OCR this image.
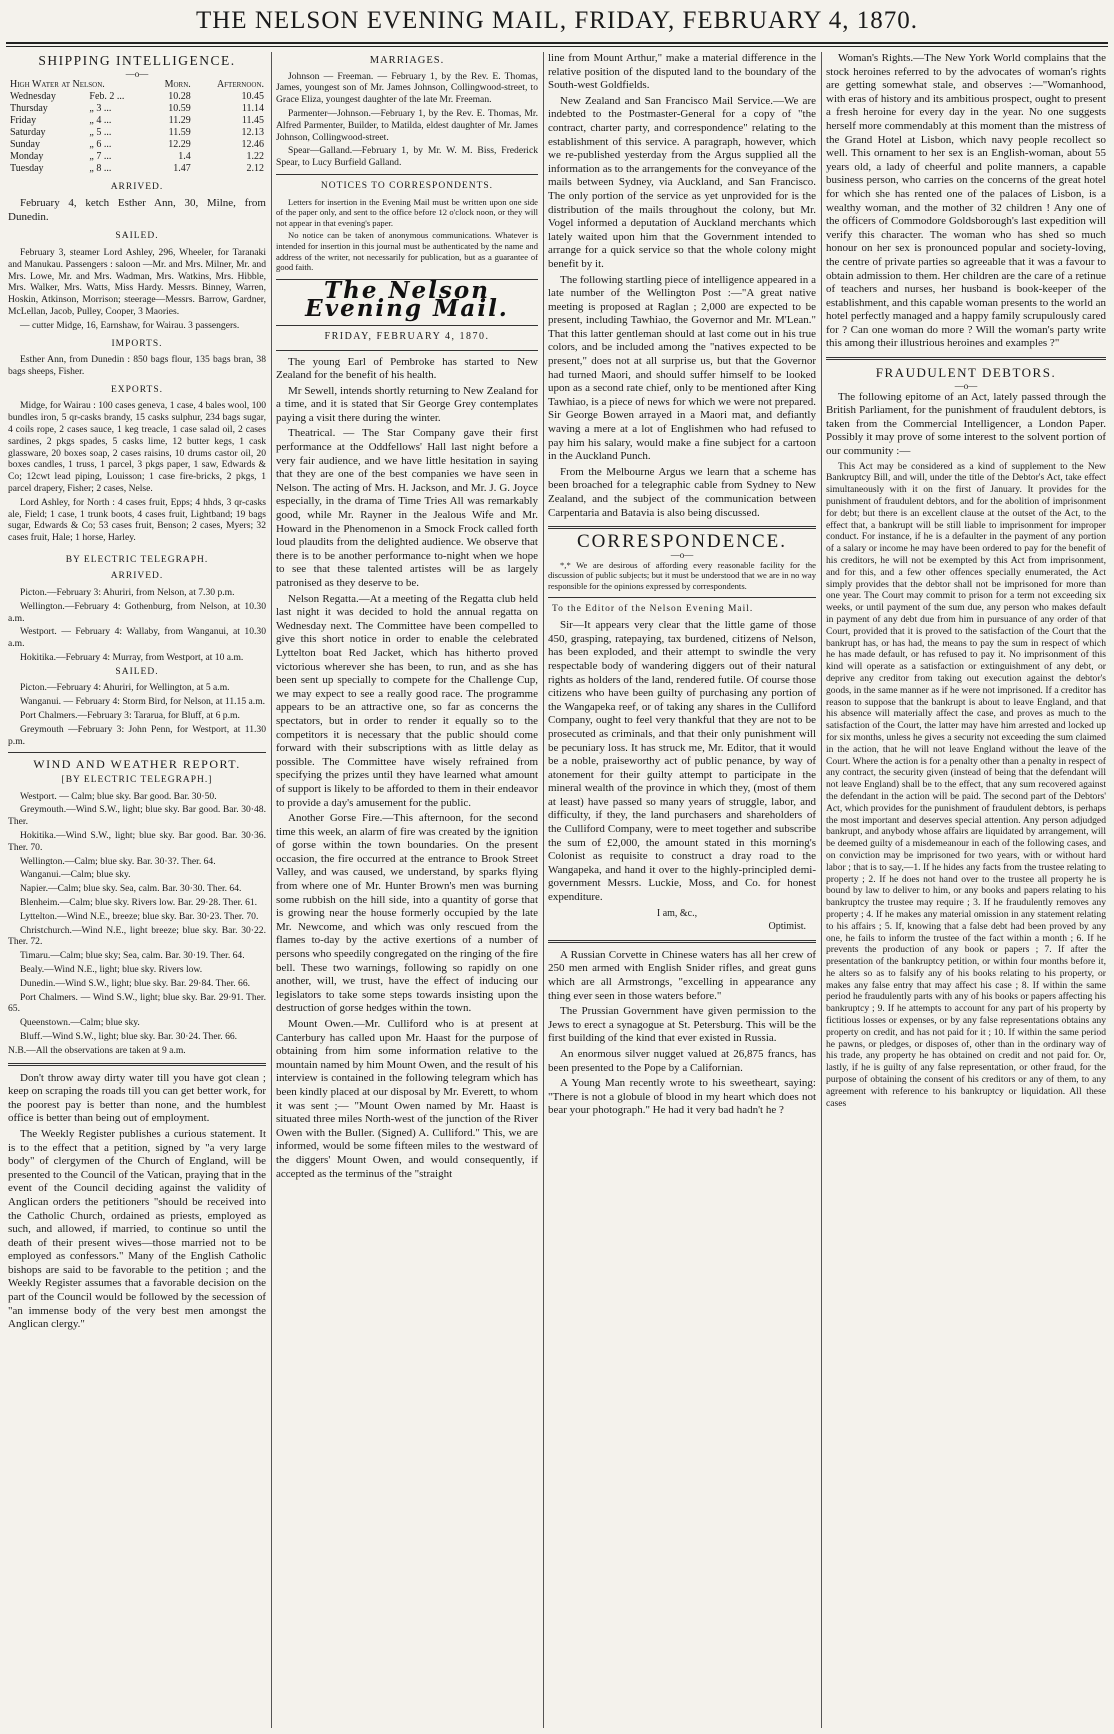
THE NELSON EVENING MAIL, FRIDAY, FEBRUARY 4, 1870.
SHIPPING INTELLIGENCE.
—o—
High Water at Nelson.		Morn.	Afternoon.
Wednesday	Feb. 2 ...	10.28	10.45
Thursday	„ 3 ...	10.59	11.14
Friday	„ 4 ...	11.29	11.45
Saturday	„ 5 ...	11.59	12.13
Sunday	„ 6 ...	12.29	12.46
Monday	„ 7 ...	1.4	1.22
Tuesday	„ 8 ...	1.47	2.12
ARRIVED.

February 4, ketch Esther Ann, 30, Milne, from Dunedin.

SAILED.

February 3, steamer Lord Ashley, 296, Wheeler, for Taranaki and Manukau. Passengers : saloon —Mr. and Mrs. Milner, Mr. and Mrs. Lowe, Mr. and Mrs. Wadman, Mrs. Watkins, Mrs. Hibble, Mrs. Walker, Mrs. Watts, Miss Hardy. Messrs. Binney, Warren, Hoskin, Atkinson, Morrison; steerage—Messrs. Barrow, Gardner, McLellan, Jacob, Pulley, Cooper, 3 Maories.

— cutter Midge, 16, Earnshaw, for Wairau. 3 passengers.

IMPORTS.

Esther Ann, from Dunedin : 850 bags flour, 135 bags bran, 38 bags sheeps, Fisher.

EXPORTS.

Midge, for Wairau : 100 cases geneva, 1 case, 4 bales wool, 100 bundles iron, 5 qr-casks brandy, 15 casks sulphur, 234 bags sugar, 4 coils rope, 2 cases sauce, 1 keg treacle, 1 case salad oil, 2 cases sardines, 2 pkgs spades, 5 casks lime, 12 butter kegs, 1 cask glassware, 20 boxes soap, 2 cases raisins, 10 drums castor oil, 20 boxes candles, 1 truss, 1 parcel, 3 pkgs paper, 1 saw, Edwards & Co; 12cwt lead piping, Louisson; 1 case fire-bricks, 2 pkgs, 1 parcel drapery, Fisher; 2 cases, Nelse.

Lord Ashley, for North : 4 cases fruit, Epps; 4 hhds, 3 qr-casks ale, Field; 1 case, 1 trunk boots, 4 cases fruit, Lightband; 19 bags sugar, Edwards & Co; 53 cases fruit, Benson; 2 cases, Myers; 32 cases fruit, Hale; 1 horse, Harley.

BY ELECTRIC TELEGRAPH.
ARRIVED.

Picton.—February 3: Ahuriri, from Nelson, at 7.30 p.m.

Wellington.—February 4: Gothenburg, from Nelson, at 10.30 a.m.

Westport. — February 4: Wallaby, from Wanganui, at 10.30 a.m.

Hokitika.—February 4: Murray, from Westport, at 10 a.m.

SAILED.

Picton.—February 4: Ahuriri, for Wellington, at 5 a.m.

Wanganui. — February 4: Storm Bird, for Nelson, at 11.15 a.m.

Port Chalmers.—February 3: Tararua, for Bluff, at 6 p.m.

Greymouth —February 3: John Penn, for Westport, at 11.30 p.m.

WIND AND WEATHER REPORT.
[BY ELECTRIC TELEGRAPH.]

Westport. — Calm; blue sky. Bar good. Bar. 30·50.

Greymouth.—Wind S.W., light; blue sky. Bar good. Bar. 30·48. Ther.

Hokitika.—Wind S.W., light; blue sky. Bar good. Bar. 30·36. Ther. 70.

Wellington.—Calm; blue sky. Bar. 30·3?. Ther. 64.

Wanganui.—Calm; blue sky.

Napier.—Calm; blue sky. Sea, calm. Bar. 30·30. Ther. 64.

Blenheim.—Calm; blue sky. Rivers low. Bar. 29·28. Ther. 61.

Lyttelton.—Wind N.E., breeze; blue sky. Bar. 30·23. Ther. 70.

Christchurch.—Wind N.E., light breeze; blue sky. Bar. 30·22. Ther. 72.

Timaru.—Calm; blue sky; Sea, calm. Bar. 30·19. Ther. 64.

Bealy.—Wind N.E., light; blue sky. Rivers low.

Dunedin.—Wind S.W., light; blue sky. Bar. 29·84. Ther. 66.

Port Chalmers. — Wind S.W., light; blue sky. Bar. 29·91. Ther. 65.

Queenstown.—Calm; blue sky.

Bluff.—Wind S.W., light; blue sky. Bar. 30·24. Ther. 66.

N.B.—All the observations are taken at 9 a.m.

Don't throw away dirty water till you have got clean ; keep on scraping the roads till you can get better work, for the poorest pay is better than none, and the humblest office is better than being out of employment.

The Weekly Register publishes a curious statement. It is to the effect that a petition, signed by "a very large body" of clergymen of the Church of England, will be presented to the Council of the Vatican, praying that in the event of the Council deciding against the validity of Anglican orders the petitioners "should be received into the Catholic Church, ordained as priests, employed as such, and allowed, if married, to continue so until the death of their present wives—those married not to be employed as confessors." Many of the English Catholic bishops are said to be favorable to the petition ; and the Weekly Register assumes that a favorable decision on the part of the Council would be followed by the secession of "an immense body of the very best men amongst the Anglican clergy."

MARRIAGES.

Johnson — Freeman. — February 1, by the Rev. E. Thomas, James, youngest son of Mr. James Johnson, Collingwood-street, to Grace Eliza, youngest daughter of the late Mr. Freeman.

Parmenter—Johnson.—February 1, by the Rev. E. Thomas, Mr. Alfred Parmenter, Builder, to Matilda, eldest daughter of Mr. James Johnson, Collingwood-street.

Spear—Galland.—February 1, by Mr. W. M. Biss, Frederick Spear, to Lucy Burfield Galland.

NOTICES TO CORRESPONDENTS.

Letters for insertion in the Evening Mail must be written upon one side of the paper only, and sent to the office before 12 o'clock noon, or they will not appear in that evening's paper.

No notice can be taken of anonymous communications. Whatever is intended for insertion in this journal must be authenticated by the name and address of the writer, not necessarily for publication, but as a guarantee of good faith.

The Nelson Evening Mail.
FRIDAY, FEBRUARY 4, 1870.

The young Earl of Pembroke has started to New Zealand for the benefit of his health.

Mr Sewell, intends shortly returning to New Zealand for a time, and it is stated that Sir George Grey contemplates paying a visit there during the winter.

Theatrical. — The Star Company gave their first performance at the Oddfellows' Hall last night before a very fair audience, and we have little hesitation in saying that they are one of the best companies we have seen in Nelson. The acting of Mrs. H. Jackson, and Mr. J. G. Joyce especially, in the drama of Time Tries All was remarkably good, while Mr. Rayner in the Jealous Wife and Mr. Howard in the Phenomenon in a Smock Frock called forth loud plaudits from the delighted audience. We observe that there is to be another performance to-night when we hope to see that these talented artistes will be as largely patronised as they deserve to be.

Nelson Regatta.—At a meeting of the Regatta club held last night it was decided to hold the annual regatta on Wednesday next. The Committee have been compelled to give this short notice in order to enable the celebrated Lyttelton boat Red Jacket, which has hitherto proved victorious wherever she has been, to run, and as she has been sent up specially to compete for the Challenge Cup, we may expect to see a really good race. The programme appears to be an attractive one, so far as concerns the spectators, but in order to render it equally so to the competitors it is necessary that the public should come forward with their subscriptions with as little delay as possible. The Committee have wisely refrained from specifying the prizes until they have learned what amount of support is likely to be afforded to them in their endeavor to provide a day's amusement for the public.

Another Gorse Fire.—This afternoon, for the second time this week, an alarm of fire was created by the ignition of gorse within the town boundaries. On the present occasion, the fire occurred at the entrance to Brook Street Valley, and was caused, we understand, by sparks flying from where one of Mr. Hunter Brown's men was burning some rubbish on the hill side, into a quantity of gorse that is growing near the house formerly occupied by the late Mr. Newcome, and which was only rescued from the flames to-day by the active exertions of a number of persons who speedily congregated on the ringing of the fire bell. These two warnings, following so rapidly on one another, will, we trust, have the effect of inducing our legislators to take some steps towards insisting upon the destruction of gorse hedges within the town.

Mount Owen.—Mr. Culliford who is at present at Canterbury has called upon Mr. Haast for the purpose of obtaining from him some information relative to the mountain named by him Mount Owen, and the result of his interview is contained in the following telegram which has been kindly placed at our disposal by Mr. Everett, to whom it was sent ;— "Mount Owen named by Mr. Haast is situated three miles North-west of the junction of the River Owen with the Buller. (Signed) A. Culliford." This, we are informed, would be some fifteen miles to the westward of the diggers' Mount Owen, and would consequently, if accepted as the terminus of the "straight

line from Mount Arthur," make a material difference in the relative position of the disputed land to the boundary of the South-west Goldfields.

New Zealand and San Francisco Mail Service.—We are indebted to the Postmaster-General for a copy of "the contract, charter party, and correspondence" relating to the establishment of this service. A paragraph, however, which we re-published yesterday from the Argus supplied all the information as to the arrangements for the conveyance of the mails between Sydney, via Auckland, and San Francisco. The only portion of the service as yet unprovided for is the distribution of the mails throughout the colony, but Mr. Vogel informed a deputation of Auckland merchants which lately waited upon him that the Government intended to arrange for a quick service so that the whole colony might benefit by it.

The following startling piece of intelligence appeared in a late number of the Wellington Post :—"A great native meeting is proposed at Raglan ; 2,000 are expected to be present, including Tawhiao, the Governor and Mr. M'Lean." That this latter gentleman should at last come out in his true colors, and be included among the "natives expected to be present," does not at all surprise us, but that the Governor had turned Maori, and should suffer himself to be looked upon as a second rate chief, only to be mentioned after King Tawhiao, is a piece of news for which we were not prepared. Sir George Bowen arrayed in a Maori mat, and defiantly waving a mere at a lot of Englishmen who had refused to pay him his salary, would make a fine subject for a cartoon in the Auckland Punch.

From the Melbourne Argus we learn that a scheme has been broached for a telegraphic cable from Sydney to New Zealand, and the subject of the communication between Carpentaria and Batavia is also being discussed.

CORRESPONDENCE.
—o—

*,* We are desirous of affording every reasonable facility for the discussion of public subjects; but it must be understood that we are in no way responsible for the opinions expressed by correspondents.

To the Editor of the Nelson Evening Mail.

Sir—It appears very clear that the little game of those 450, grasping, ratepaying, tax burdened, citizens of Nelson, has been exploded, and their attempt to swindle the very respectable body of wandering diggers out of their natural rights as holders of the land, rendered futile. Of course those citizens who have been guilty of purchasing any portion of the Wangapeka reef, or of taking any shares in the Culliford Company, ought to feel very thankful that they are not to be prosecuted as criminals, and that their only punishment will be pecuniary loss. It has struck me, Mr. Editor, that it would be a noble, praiseworthy act of public penance, by way of atonement for their guilty attempt to participate in the mineral wealth of the province in which they, (most of them at least) have passed so many years of struggle, labor, and difficulty, if they, the land purchasers and shareholders of the Culliford Company, were to meet together and subscribe the sum of £2,000, the amount stated in this morning's Colonist as requisite to construct a dray road to the Wangapeka, and hand it over to the highly-principled demi-government Messrs. Luckie, Moss, and Co. for honest expenditure.

I am, &c.,
Optimist.

A Russian Corvette in Chinese waters has all her crew of 250 men armed with English Snider rifles, and great guns which are all Armstrongs, "excelling in appearance any thing ever seen in those waters before."

The Prussian Government have given permission to the Jews to erect a synagogue at St. Petersburg. This will be the first building of the kind that ever existed in Russia.

An enormous silver nugget valued at 26,875 francs, has been presented to the Pope by a Californian.

A Young Man recently wrote to his sweetheart, saying: "There is not a globule of blood in my heart which does not bear your photograph." He had it very bad hadn't he ?

Woman's Rights.—The New York World complains that the stock heroines referred to by the advocates of woman's rights are getting somewhat stale, and observes :—"Womanhood, with eras of history and its ambitious prospect, ought to present a fresh heroine for every day in the year. No one suggests herself more commendably at this moment than the mistress of the Grand Hotel at Lisbon, which navy people recollect so well. This ornament to her sex is an English-woman, about 55 years old, a lady of cheerful and polite manners, a capable business person, who carries on the concerns of the great hotel for which she has rented one of the palaces of Lisbon, is a wealthy woman, and the mother of 32 children ! Any one of the officers of Commodore Goldsborough's last expedition will verify this character. The woman who has shed so much honour on her sex is pronounced popular and society-loving, the centre of private parties so agreeable that it was a favour to obtain admission to them. Her children are the care of a retinue of teachers and nurses, her husband is book-keeper of the establishment, and this capable woman presents to the world an hotel perfectly managed and a happy family scrupulously cared for ? Can one woman do more ? Will the woman's party write this among their illustrious heroines and examples ?"

FRAUDULENT DEBTORS.
—o—

The following epitome of an Act, lately passed through the British Parliament, for the punishment of fraudulent debtors, is taken from the Commercial Intelligencer, a London Paper. Possibly it may prove of some interest to the solvent portion of our community :—

This Act may be considered as a kind of supplement to the New Bankruptcy Bill, and will, under the title of the Debtor's Act, take effect simultaneously with it on the first of January. It provides for the punishment of fraudulent debtors, and for the abolition of imprisonment for debt; but there is an excellent clause at the outset of the Act, to the effect that, a bankrupt will be still liable to imprisonment for improper conduct. For instance, if he is a defaulter in the payment of any portion of a salary or income he may have been ordered to pay for the benefit of his creditors, he will not be exempted by this Act from imprisonment, and for this, and a few other offences specially enumerated, the Act simply provides that the debtor shall not be imprisoned for more than one year. The Court may commit to prison for a term not exceeding six weeks, or until payment of the sum due, any person who makes default in payment of any debt due from him in pursuance of any order of that Court, provided that it is proved to the satisfaction of the Court that the bankrupt has, or has had, the means to pay the sum in respect of which he has made default, or has refused to pay it. No imprisonment of this kind will operate as a satisfaction or extinguishment of any debt, or deprive any creditor from taking out execution against the debtor's goods, in the same manner as if he were not imprisoned. If a creditor has reason to suppose that the bankrupt is about to leave England, and that his absence will materially affect the case, and proves as much to the satisfaction of the Court, the latter may have him arrested and locked up for six months, unless he gives a security not exceeding the sum claimed in the action, that he will not leave England without the leave of the Court. Where the action is for a penalty other than a penalty in respect of any contract, the security given (instead of being that the defendant will not leave England) shall be to the effect, that any sum recovered against the defendant in the action will be paid. The second part of the Debtors' Act, which provides for the punishment of fraudulent debtors, is perhaps the most important and deserves special attention. Any person adjudged bankrupt, and anybody whose affairs are liquidated by arrangement, will be deemed guilty of a misdemeanour in each of the following cases, and on conviction may be imprisoned for two years, with or without hard labor ; that is to say,—1. If he hides any facts from the trustee relating to property ; 2. If he does not hand over to the trustee all property he is bound by law to deliver to him, or any books and papers relating to his bankruptcy the trustee may require ; 3. If he fraudulently removes any property ; 4. If he makes any material omission in any statement relating to his affairs ; 5. If, knowing that a false debt had been proved by any one, he fails to inform the trustee of the fact within a month ; 6. If he prevents the production of any book or papers ; 7. If after the presentation of the bankruptcy petition, or within four months before it, he alters so as to falsify any of his books relating to his property, or makes any false entry that may affect his case ; 8. If within the same period he fraudulently parts with any of his books or papers affecting his bankruptcy ; 9. If he attempts to account for any part of his property by fictitious losses or expenses, or by any false representations obtains any property on credit, and has not paid for it ; 10. If within the same period he pawns, or pledges, or disposes of, other than in the ordinary way of his trade, any property he has obtained on credit and not paid for. Or, lastly, if he is guilty of any false representation, or other fraud, for the purpose of obtaining the consent of his creditors or any of them, to any agreement with reference to his bankruptcy or liquidation. All these cases
